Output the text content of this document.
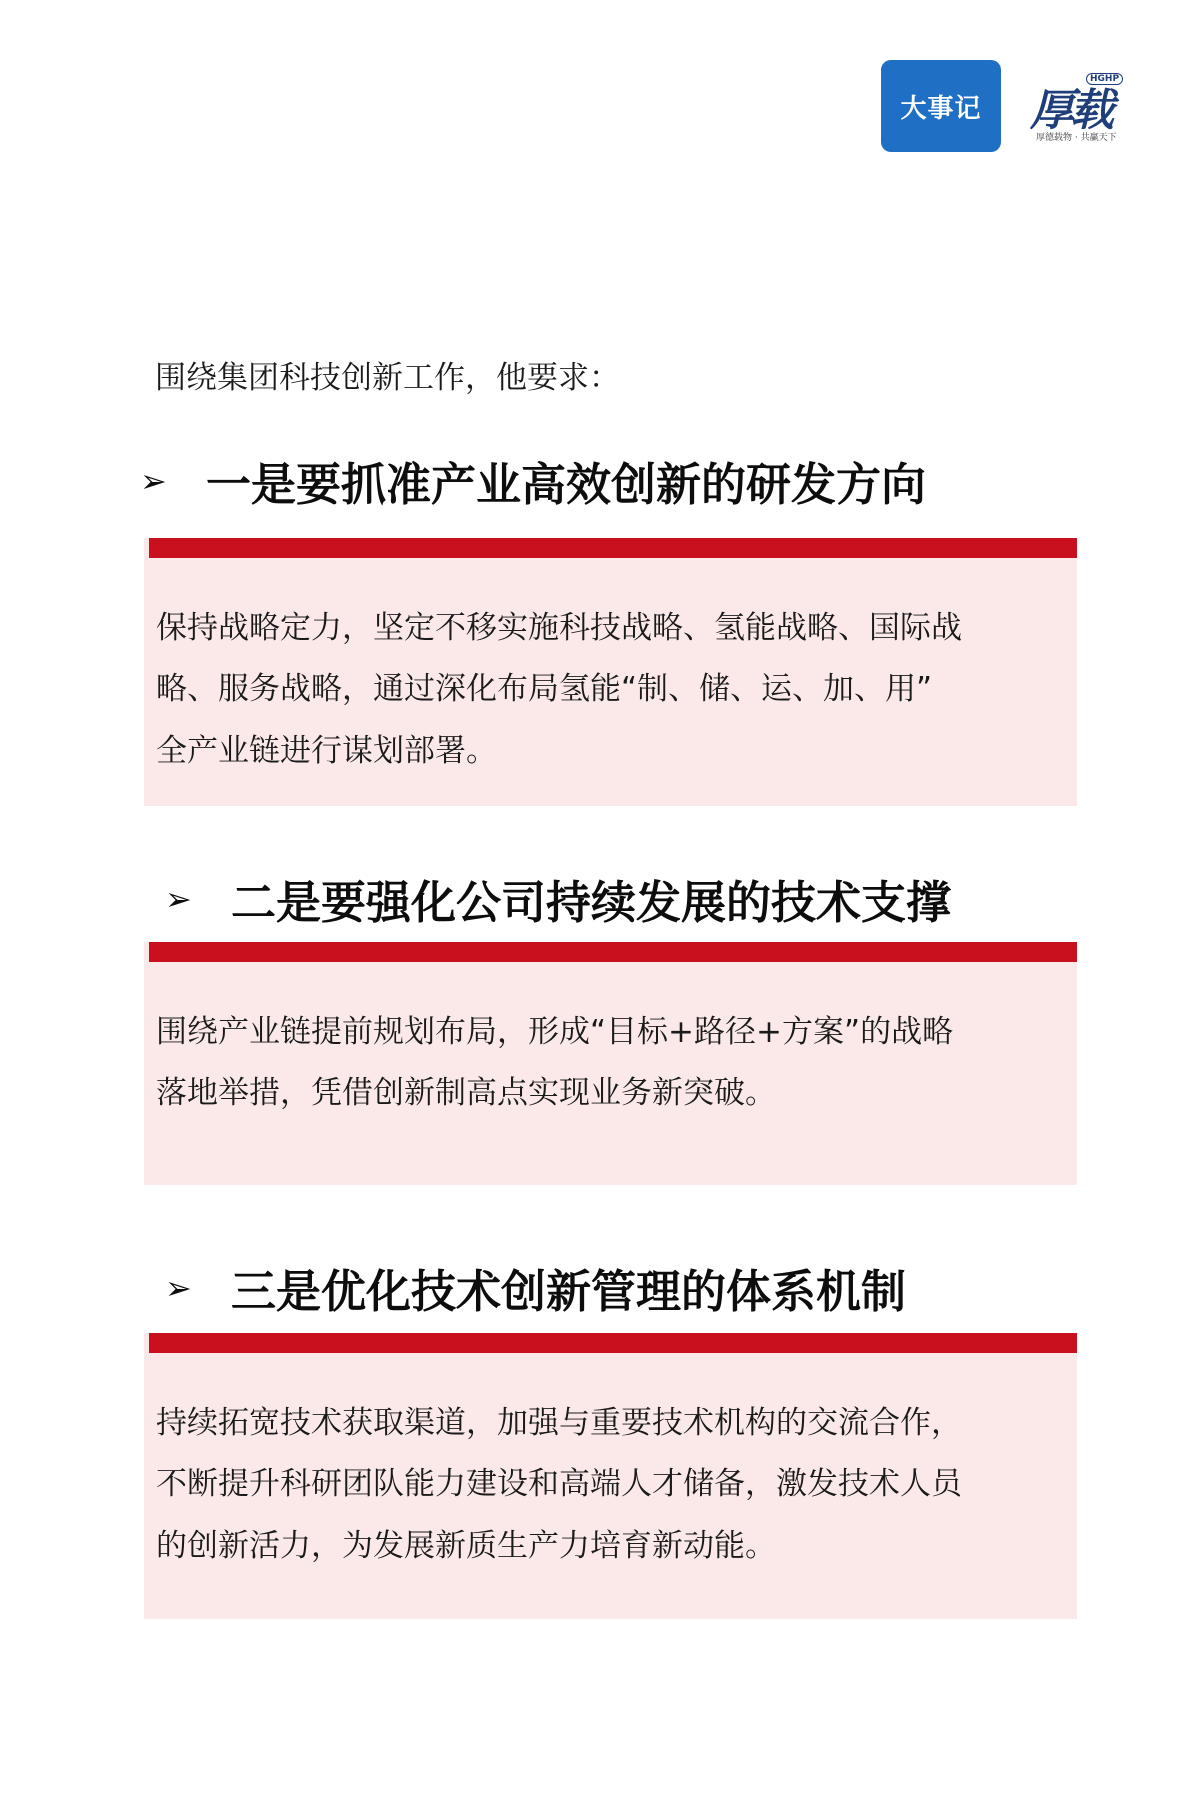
大事记	厚载
HGHP
厚德载物 · 共赢天下
围绕集团科技创新工作，他要求：
➢ 一是要抓准产业高效创新的研发方向
保持战略定力，坚定不移实施科技战略、氢能战略、国际战
略、服务战略，通过深化布局氢能“制、储、运、加、用”
全产业链进行谋划部署。
➢ 二是要强化公司持续发展的技术支撑
围绕产业链提前规划布局，形成“目标+路径+方案”的战略
落地举措，凭借创新制高点实现业务新突破。
➢ 三是优化技术创新管理的体系机制
持续拓宽技术获取渠道，加强与重要技术机构的交流合作，
不断提升科研团队能力建设和高端人才储备，激发技术人员
的创新活力，为发展新质生产力培育新动能。
